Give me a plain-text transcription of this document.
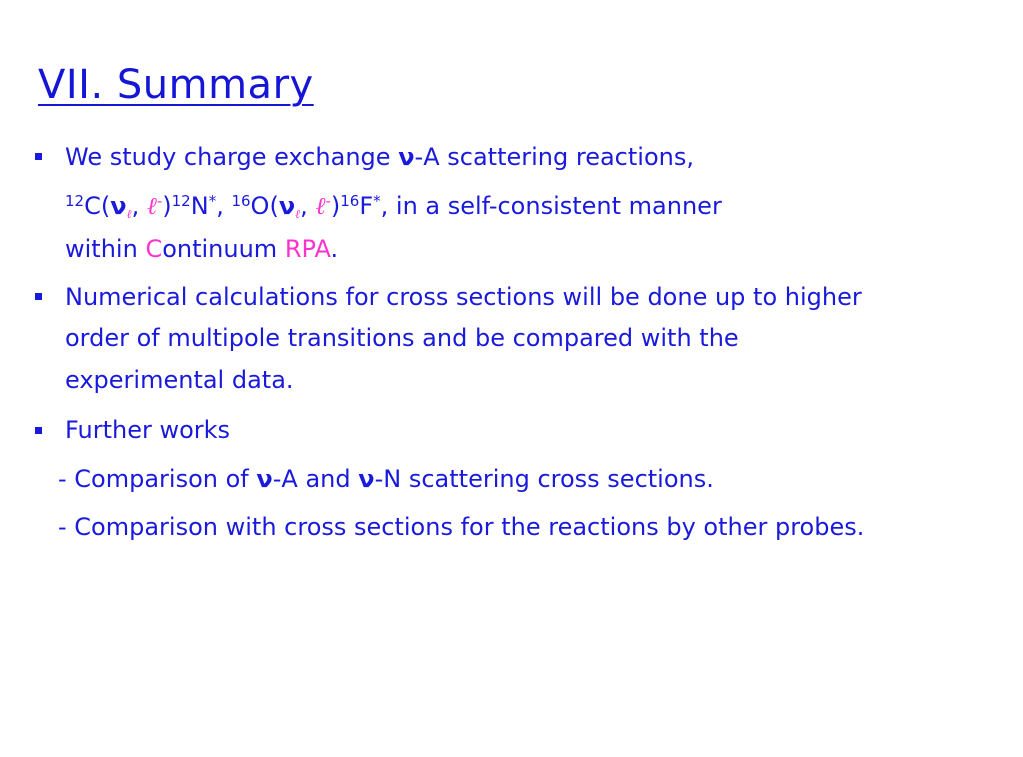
VII. Summary
We study charge exchange ν-A scattering reactions,
$^{12}C(\nu_\ell$, ℓ-)$^{12}$N*, $^{16}O(\nu_\ell$, ℓ-)$^{16}$F*, in a self-consistent manner
within Continuum RPA.
Numerical calculations for cross sections will be done up to higher
order of multipole transitions and be compared with the
experimental data.
Further works
- Comparison of ν-A and ν-N scattering cross sections.
- Comparison with cross sections for the reactions by other probes.
